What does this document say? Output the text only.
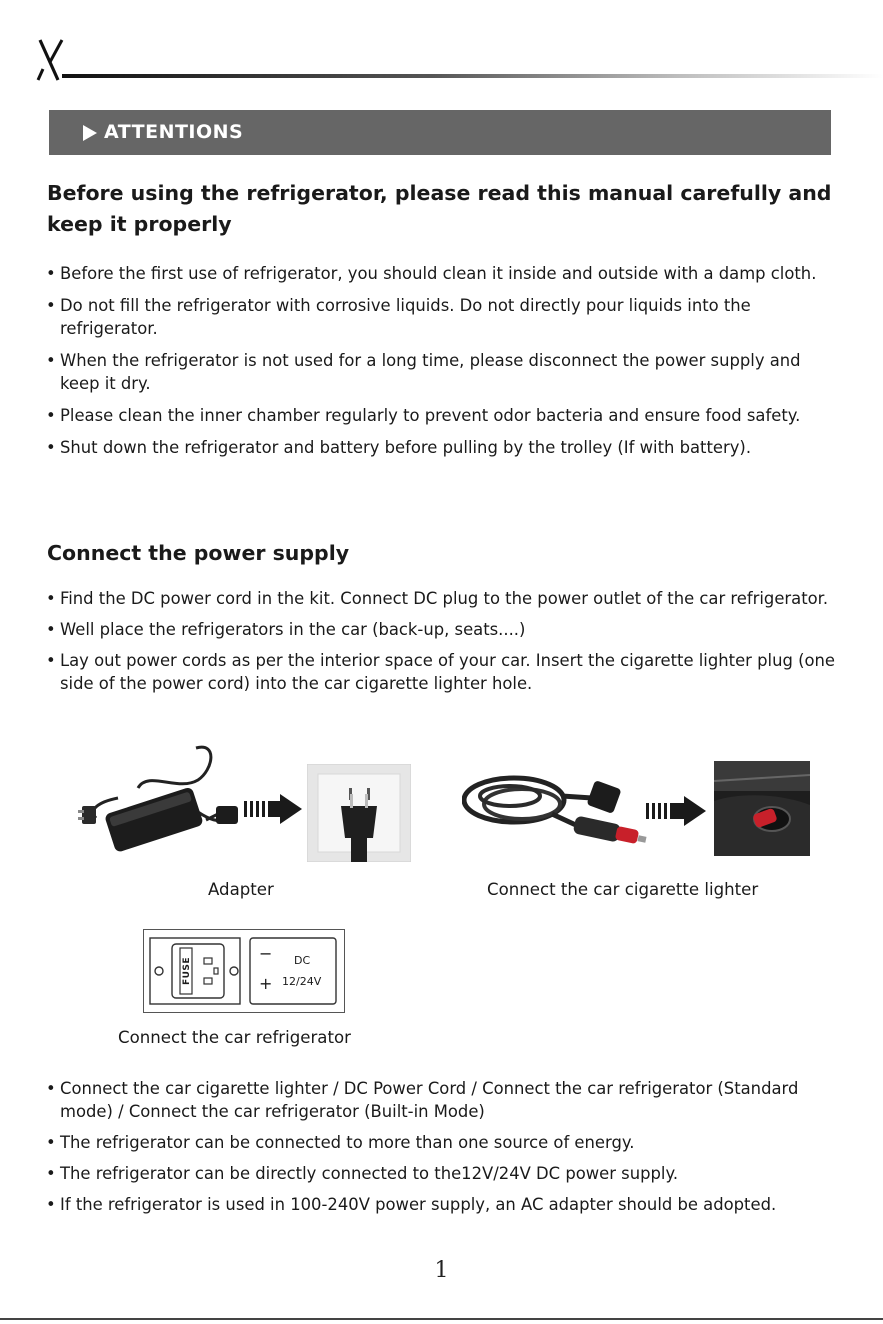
ATTENTIONS
Before using the refrigerator, please read this manual carefully and keep it properly
• Before the first use of refrigerator, you should clean it inside and outside with a damp cloth.
• Do not fill the refrigerator with corrosive liquids. Do not directly pour liquids into the refrigerator.
• When the refrigerator is not used for a long time, please disconnect the power supply and keep it dry.
• Please clean the inner chamber regularly to prevent odor bacteria and ensure food safety.
• Shut down the refrigerator and battery before pulling by the trolley (If with battery).
Connect the power supply
• Find the DC power cord in the kit. Connect DC plug to the power outlet of the car refrigerator.
• Well place the refrigerators in the car (back-up, seats....)
• Lay out power cords as per the interior space of your car. Insert the cigarette lighter plug (one side of the power cord) into the car cigarette lighter hole.
Adapter	Connect the car cigarette lighter
FUSE
−
+
DC
12/24V
Connect the car refrigerator
• Connect the car cigarette lighter / DC Power Cord / Connect the car refrigerator (Standard mode) / Connect the car refrigerator (Built-in Mode)
• The refrigerator can be connected to more than one source of energy.
• The refrigerator can be directly connected to the12V/24V DC power supply.
• If the refrigerator is used in 100-240V power supply, an AC adapter should be adopted.
1
